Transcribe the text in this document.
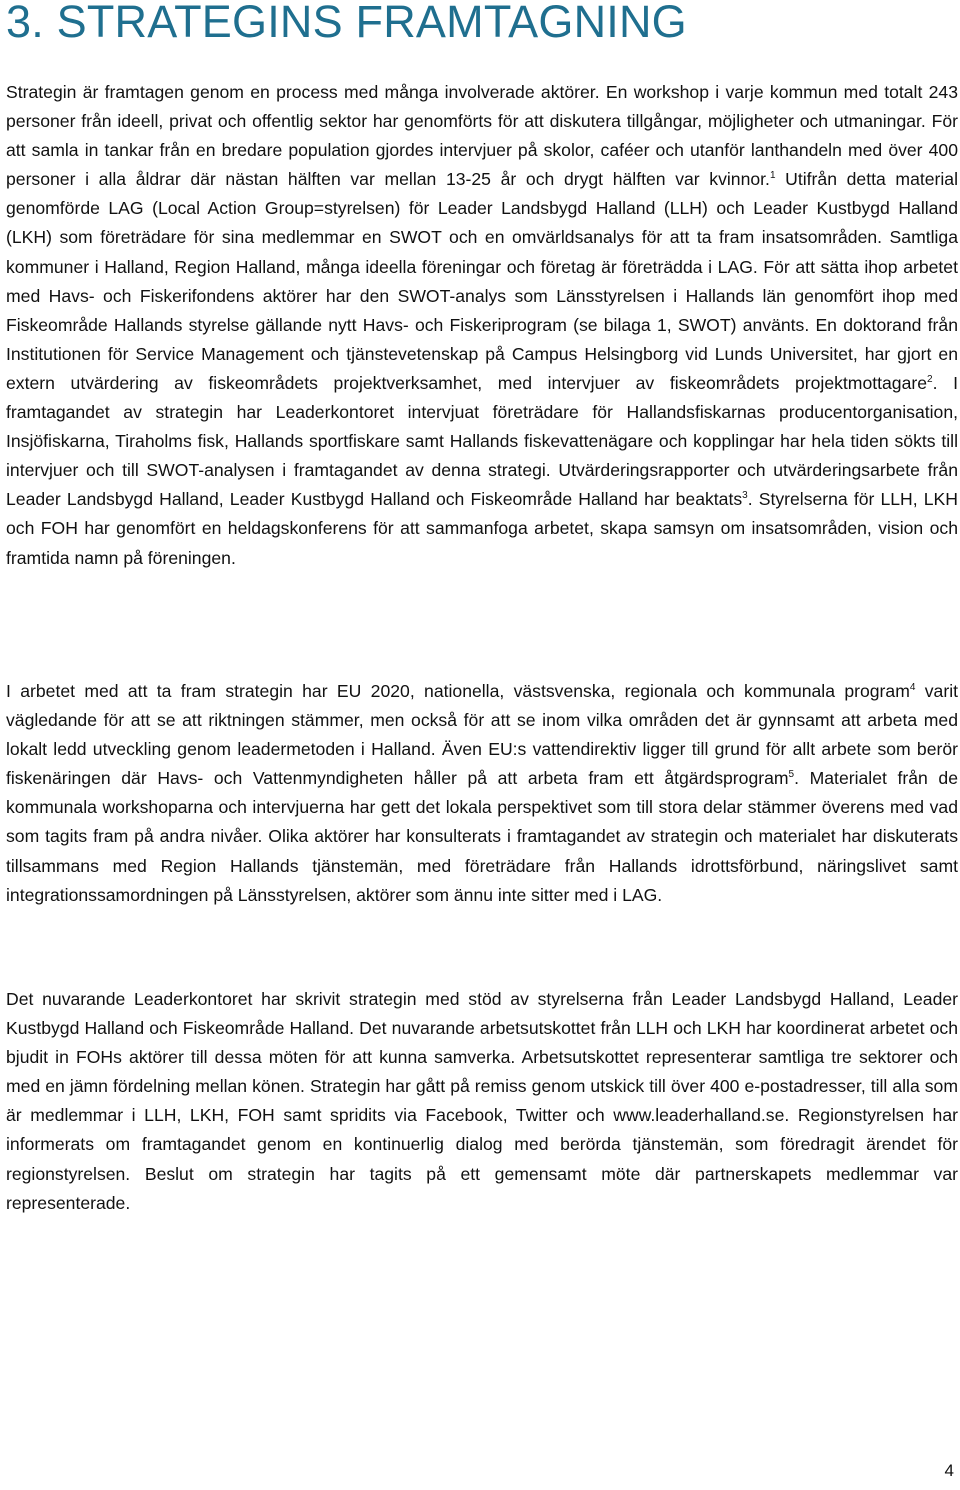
3. STRATEGINS FRAMTAGNING

Strategin är framtagen genom en process med många involverade aktörer. En workshop i varje kommun med totalt 243 personer från ideell, privat och offentlig sektor har genomförts för att diskutera tillgångar, möjligheter och utmaningar. För att samla in tankar från en bredare population gjordes intervjuer på skolor, caféer och utanför lanthandeln med över 400 personer i alla åldrar där nästan hälften var mellan 13-25 år och drygt hälften var kvinnor.$^1$ Utifrån detta material genomförde LAG (Local Action Group=styrelsen) för Leader Landsbygd Halland (LLH) och Leader Kustbygd Halland (LKH) som företrädare för sina medlemmar en SWOT och en omvärldsanalys för att ta fram insatsområden. Samtliga kommuner i Halland, Region Halland, många ideella föreningar och företag är företrädda i LAG. För att sätta ihop arbetet med Havs- och Fiskerifondens aktörer har den SWOT-analys som Länsstyrelsen i Hallands län genomfört ihop med Fiskeområde Hallands styrelse gällande nytt Havs- och Fiskeriprogram (se bilaga 1, SWOT) använts. En doktorand från Institutionen för Service Management och tjänstevetenskap på Campus Helsingborg vid Lunds Universitet, har gjort en extern utvärdering av fiskeområdets projektverksamhet, med intervjuer av fiskeområdets projektmottagare$^2$. I framtagandet av strategin har Leaderkontoret intervjuat företrädare för Hallandsfiskarnas producentorganisation, Insjöfiskarna, Tiraholms fisk, Hallands sportfiskare samt Hallands fiskevattenägare och kopplingar har hela tiden sökts till intervjuer och till SWOT-analysen i framtagandet av denna strategi. Utvärderingsrapporter och utvärderingsarbete från Leader Landsbygd Halland, Leader Kustbygd Halland och Fiskeområde Halland har beaktats$^3$. Styrelserna för LLH, LKH och FOH har genomfört en heldagskonferens för att sammanfoga arbetet, skapa samsyn om insatsområden, vision och framtida namn på föreningen.

I arbetet med att ta fram strategin har EU 2020, nationella, västsvenska, regionala och kommunala program$^4$ varit vägledande för att se att riktningen stämmer, men också för att se inom vilka områden det är gynnsamt att arbeta med lokalt ledd utveckling genom leadermetoden i Halland. Även EU:s vattendirektiv ligger till grund för allt arbete som berör fiskenäringen där Havs- och Vattenmyndigheten håller på att arbeta fram ett åtgärdsprogram$^5$. Materialet från de kommunala workshoparna och intervjuerna har gett det lokala perspektivet som till stora delar stämmer överens med vad som tagits fram på andra nivåer. Olika aktörer har konsulterats i framtagandet av strategin och materialet har diskuterats tillsammans med Region Hallands tjänstemän, med företrädare från Hallands idrottsförbund, näringslivet samt integrationssamordningen på Länsstyrelsen, aktörer som ännu inte sitter med i LAG.

Det nuvarande Leaderkontoret har skrivit strategin med stöd av styrelserna från Leader Landsbygd Halland, Leader Kustbygd Halland och Fiskeområde Halland. Det nuvarande arbetsutskottet från LLH och LKH har koordinerat arbetet och bjudit in FOHs aktörer till dessa möten för att kunna samverka. Arbetsutskottet representerar samtliga tre sektorer och med en jämn fördelning mellan könen. Strategin har gått på remiss genom utskick till över 400 e-postadresser, till alla som är medlemmar i LLH, LKH, FOH samt spridits via Facebook, Twitter och www.leaderhalland.se. Regionstyrelsen har informerats om framtagandet genom en kontinuerlig dialog med berörda tjänstemän, som föredragit ärendet för regionstyrelsen. Beslut om strategin har tagits på ett gemensamt möte där partnerskapets medlemmar var representerade.

4
